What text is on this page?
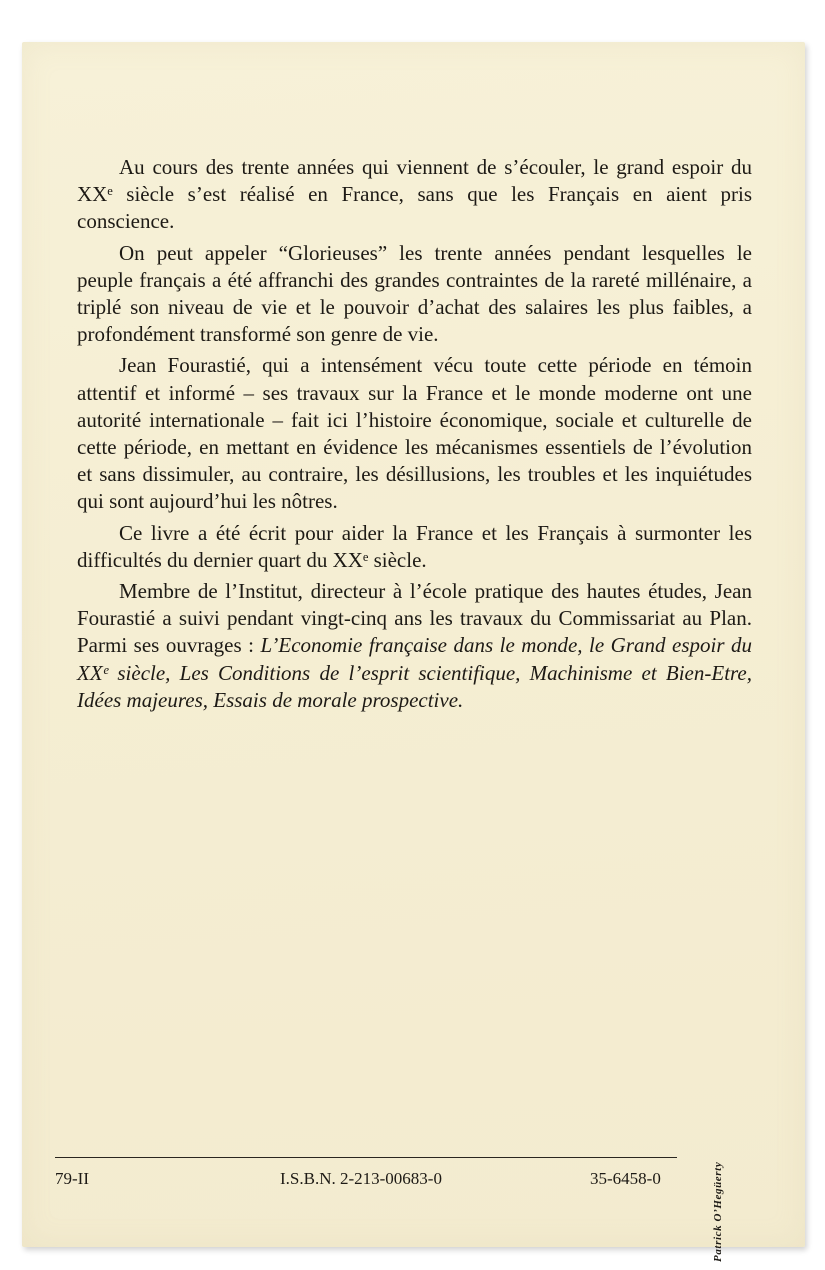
Au cours des trente années qui viennent de s’écouler, le grand espoir du XXᵉ siècle s’est réalisé en France, sans que les Français en aient pris conscience.

On peut appeler “Glorieuses” les trente années pendant lesquelles le peuple français a été affranchi des grandes contraintes de la rareté millénaire, a triplé son niveau de vie et le pouvoir d’achat des salaires les plus faibles, a profondément transformé son genre de vie.

Jean Fourastié, qui a intensément vécu toute cette période en témoin attentif et informé – ses travaux sur la France et le monde moderne ont une autorité internationale – fait ici l’histoire économique, sociale et culturelle de cette période, en mettant en évidence les mécanismes essentiels de l’évolution et sans dissimuler, au contraire, les désillusions, les troubles et les inquiétudes qui sont aujourd’hui les nôtres.

Ce livre a été écrit pour aider la France et les Français à surmonter les difficultés du dernier quart du XXᵉ siècle.

Membre de l’Institut, directeur à l’école pratique des hautes études, Jean Fourastié a suivi pendant vingt-cinq ans les travaux du Commissariat au Plan. Parmi ses ouvrages : L’Economie française dans le monde, le Grand espoir du XXᵉ siècle, Les Conditions de l’esprit scientifique, Machinisme et Bien-Etre, Idées majeures, Essais de morale prospective.

79-II	I.S.B.N. 2-213-00683-0	35-6458-0	Patrick O’Hegüerty
